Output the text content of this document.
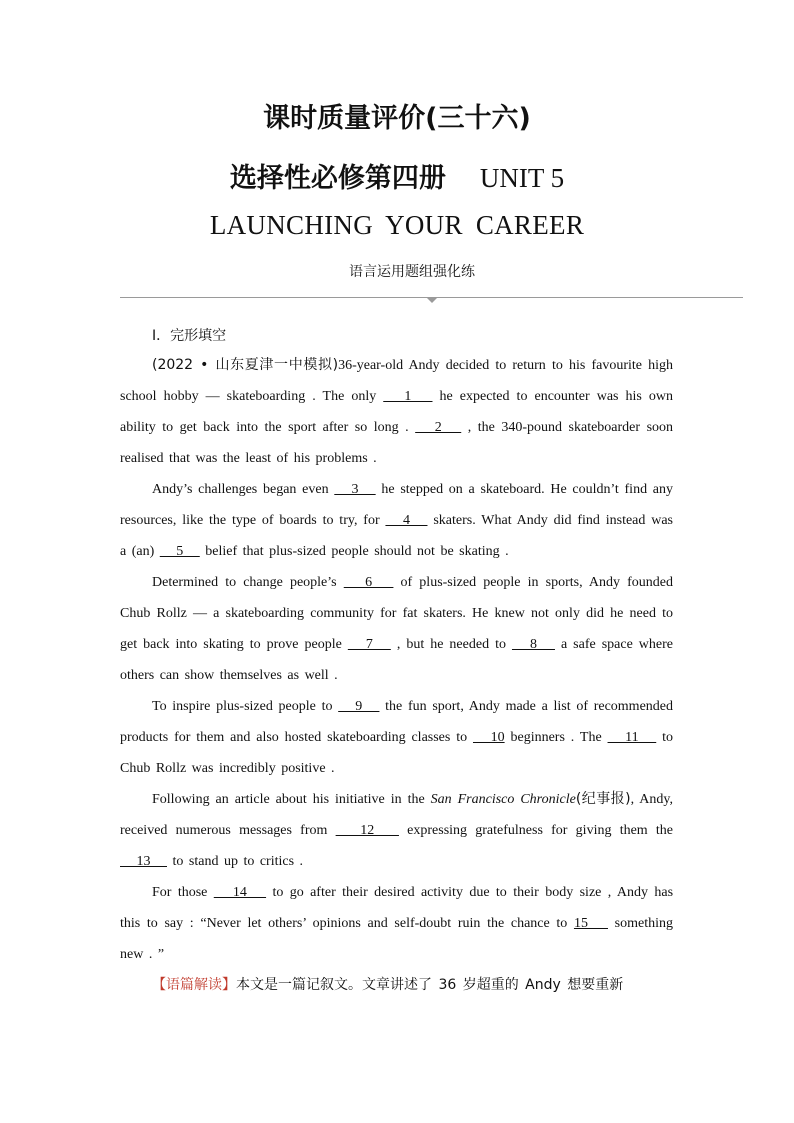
课时质量评价(三十六)
选择性必修第四册 UNIT 5
LAUNCHING YOUR CAREER
语言运用题组强化练
Ⅰ．完形填空

(2022 • 山东夏津一中模拟)36-year-old Andy decided to return to his favourite high school hobby — skateboarding . The only    1    he expected to encounter was his own ability to get back into the sport after so long .    2    , the 340-pound skateboarder soon realised that was the least of his problems .

Andy’s challenges began even    3    he stepped on a skateboard. He couldn’t find any resources, like the type of boards to try, for    4    skaters. What Andy did find instead was a (an)    5    belief that plus-sized people should not be skating .

Determined to change people’s    6    of plus-sized people in sports, Andy founded Chub Rollz — a skateboarding community for fat skaters. He knew not only did he need to get back into skating to prove people    7    , but he needed to    8    a safe space where others can show themselves as well .

To inspire plus-sized people to    9    the fun sport, Andy made a list of recommended products for them and also hosted skateboarding classes to    10 beginners . The    11    to Chub Rollz was incredibly positive .

Following an article about his initiative in the San Francisco Chronicle(纪事报), Andy, received numerous messages from    12    expressing gratefulness for giving them the    13    to stand up to critics .

For those    14    to go after their desired activity due to their body size , Andy has this to say : “Never let others’ opinions and self-doubt ruin the chance to 15    something new . ”

【语篇解读】本文是一篇记叙文。文章讲述了 36 岁超重的 Andy 想要重新
